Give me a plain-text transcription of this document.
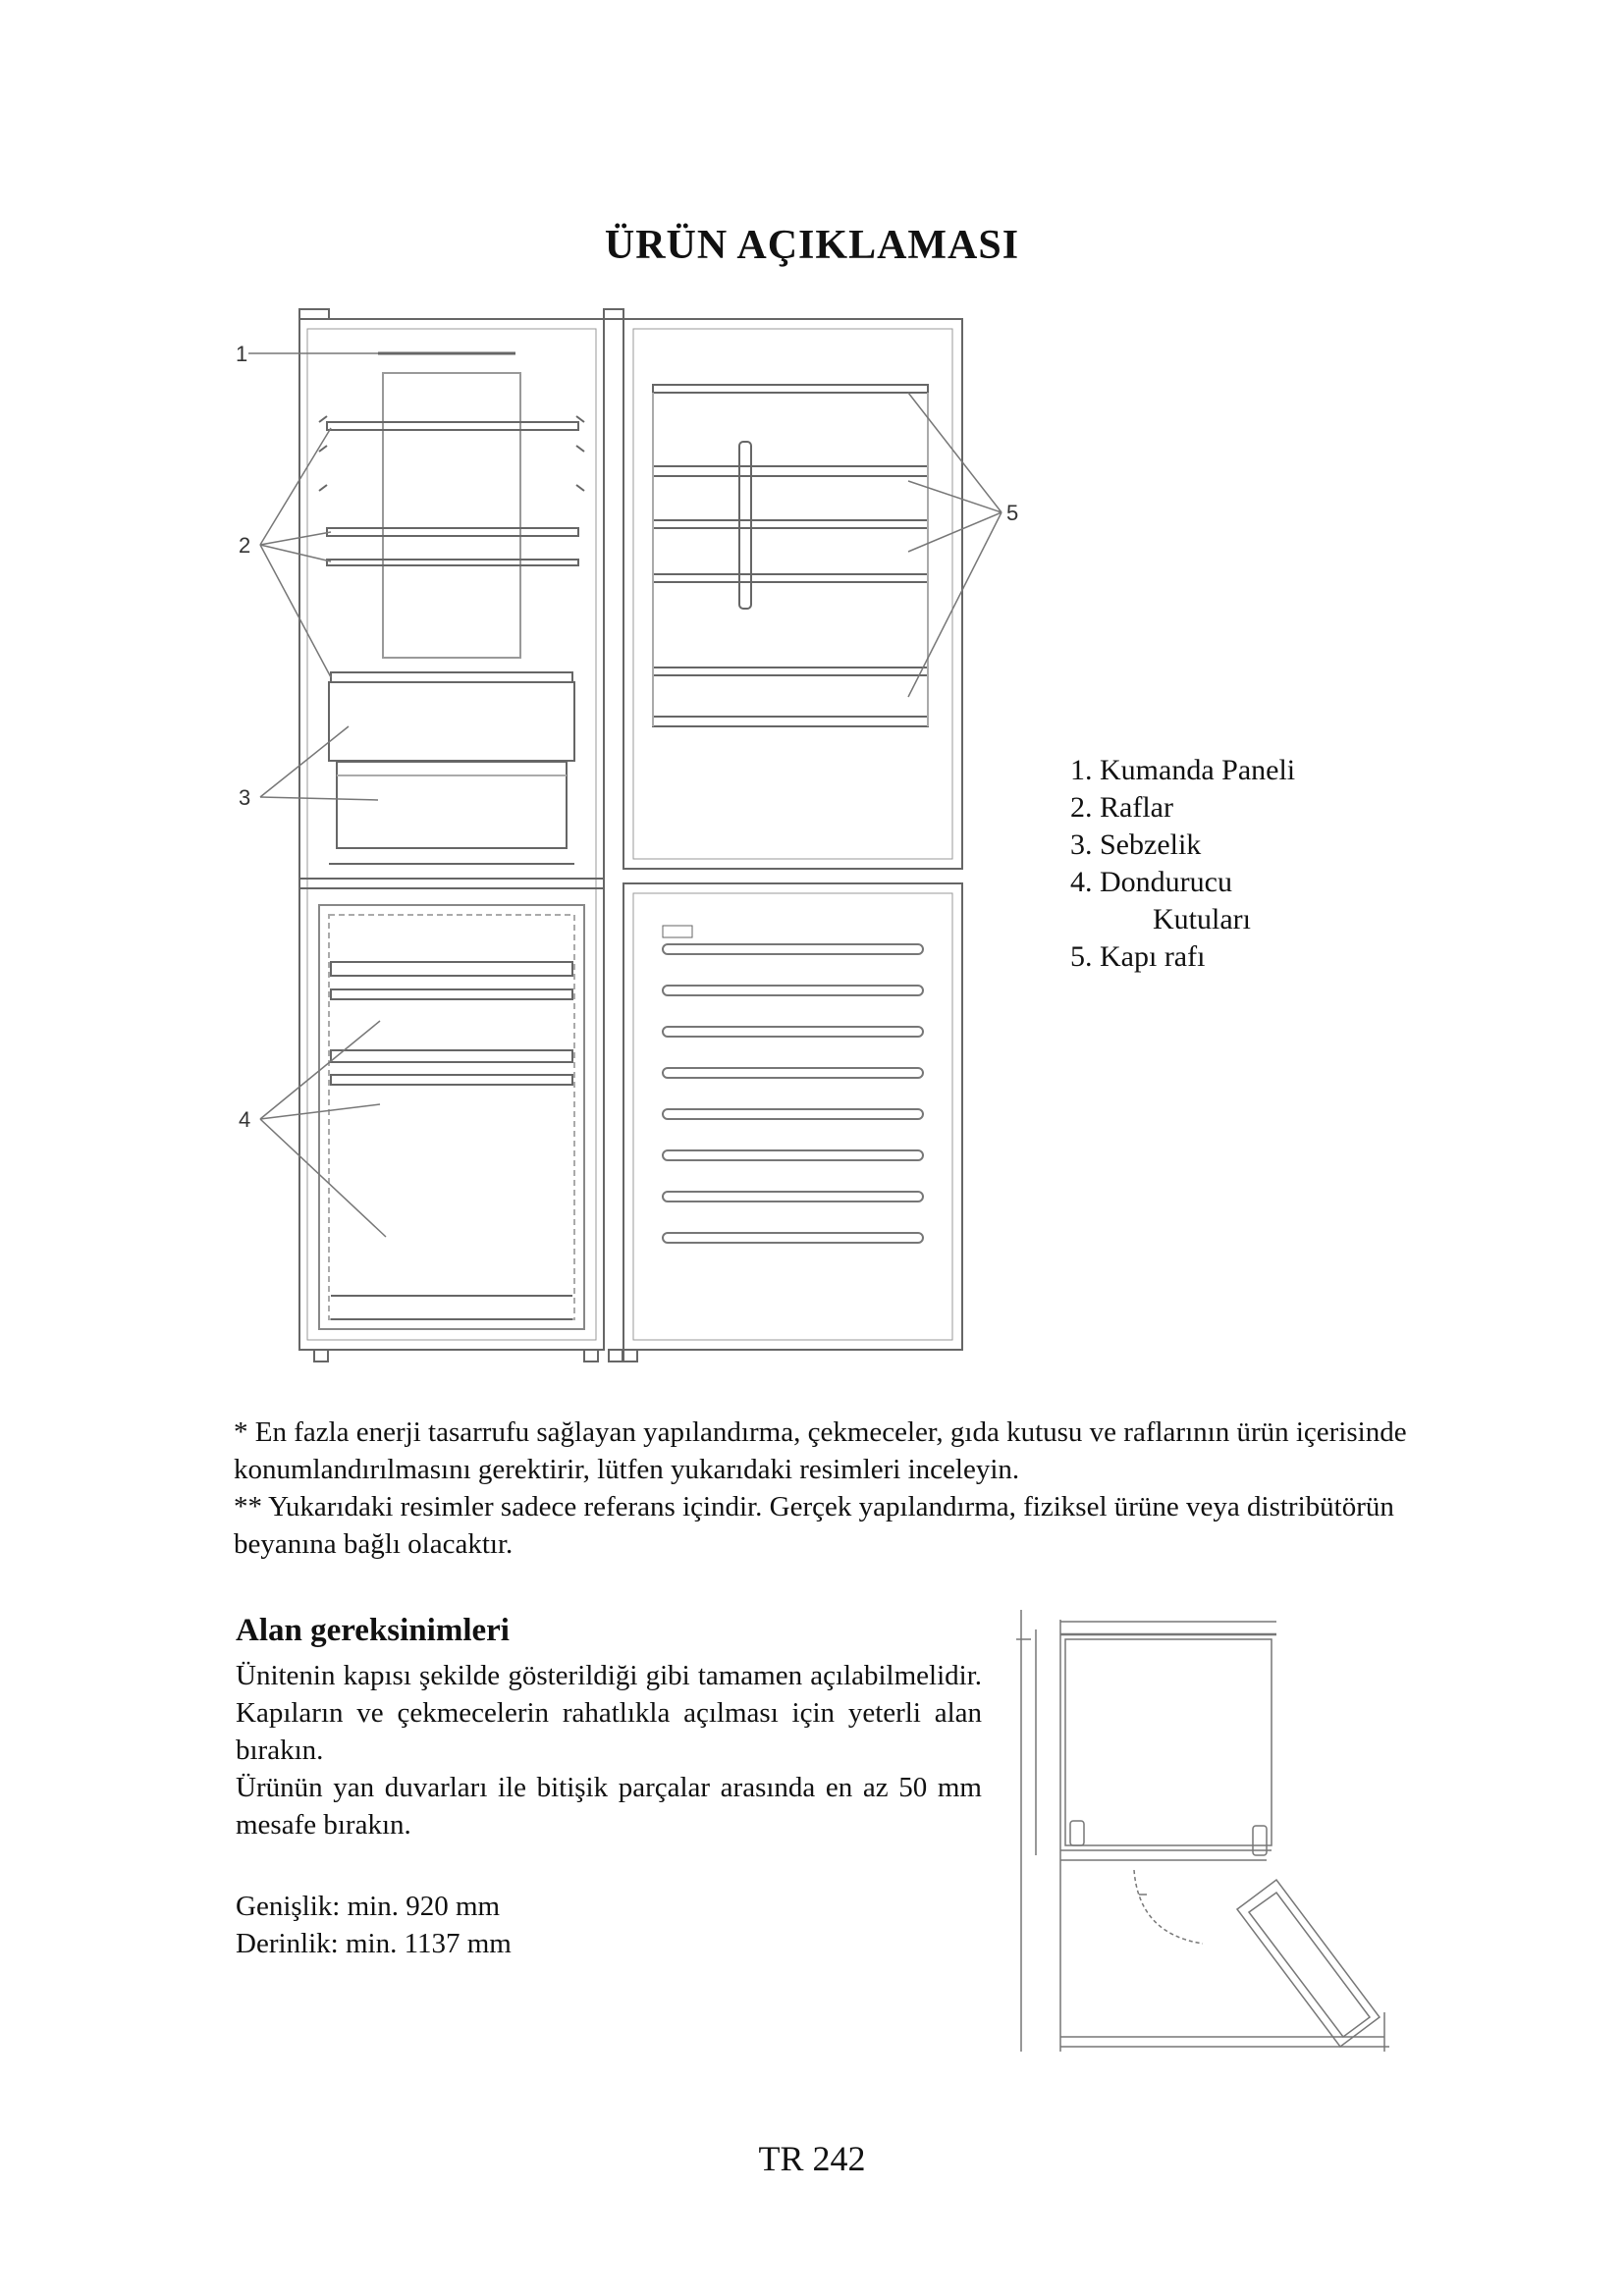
ÜRÜN AÇIKLAMASI
1
2
3
4
5
1. Kumanda Paneli
2. Raflar
3. Sebzelik
4. Dondurucu
Kutuları
5. Kapı rafı

* En fazla enerji tasarrufu sağlayan yapılandırma, çekmeceler, gıda kutusu ve raflarının ürün içerisinde konumlandırılmasını gerektirir, lütfen yukarıdaki resimleri inceleyin.

** Yukarıdaki resimler sadece referans içindir. Gerçek yapılandırma, fiziksel ürüne veya distribütörün beyanına bağlı olacaktır.

Alan gereksinimleri

Ünitenin kapısı şekilde gösterildiği gibi tamamen açılabilmelidir. Kapıların ve çekmecelerin rahatlıkla açılması için yeterli alan bırakın.

Ürünün yan duvarları ile bitişik parçalar arasında en az 50 mm mesafe bırakın.

Genişlik: min. 920 mm
Derinlik: min. 1137 mm
TR 242
